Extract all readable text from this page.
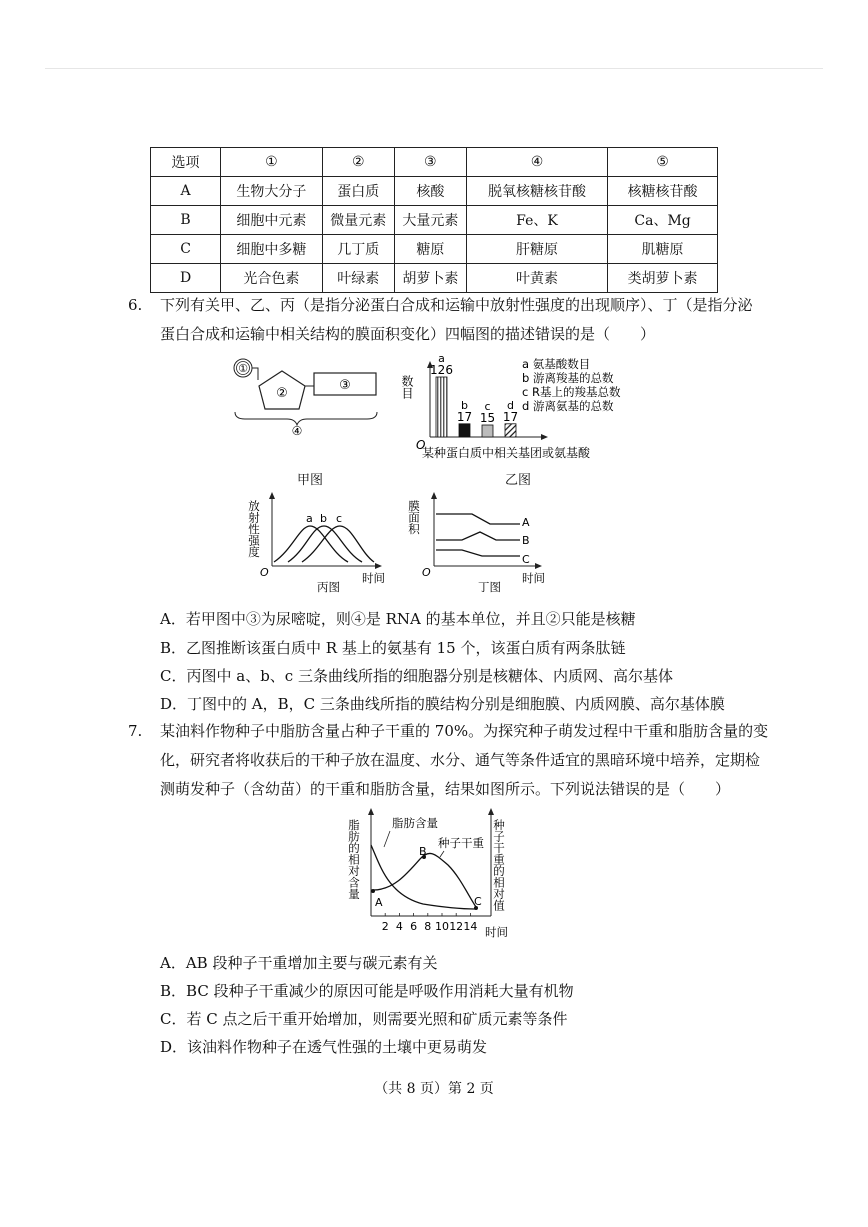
选项	①	②	③	④	⑤
A	生物大分子	蛋白质	核酸	脱氧核糖核苷酸	核糖核苷酸
B	细胞中元素	微量元素	大量元素	Fe、K	Ca、Mg
C	细胞中多糖	几丁质	糖原	肝糖原	肌糖原
D	光合色素	叶绿素	胡萝卜素	叶黄素	类胡萝卜素
6. 下列有关甲、乙、丙（是指分泌蛋白合成和运输中放射性强度的出现顺序）、丁（是指分泌
蛋白合成和运输中相关结构的膜面积变化）四幅图的描述错误的是（　　）
①
②
③
④
甲图
数目
O
126
a
17
b
15
c
17
d
a 氨基酸数目
b 游离羧基的总数
c R基上的羧基总数
d 游离氨基的总数
某种蛋白质中相关基团或氨基酸
乙图
放射性强度
O
a b c
时间
丙图
膜面积
O
A
B
C
时间
丁图
A．若甲图中③为尿嘧啶，则④是 RNA 的基本单位，并且②只能是核糖
B．乙图推断该蛋白质中 R 基上的氨基有 15 个，该蛋白质有两条肽链
C．丙图中 a、b、c 三条曲线所指的细胞器分别是核糖体、内质网、高尔基体
D．丁图中的 A，B，C 三条曲线所指的膜结构分别是细胞膜、内质网膜、高尔基体膜
7. 某油料作物种子中脂肪含量占种子干重的 70%。为探究种子萌发过程中干重和脂肪含量的变
化，研究者将收获后的干种子放在温度、水分、通气等条件适宜的黑暗环境中培养，定期检
测萌发种子（含幼苗）的干重和脂肪含量，结果如图所示。下列说法错误的是（　　）
脂肪的相对含量	种子干重的相对值
2 4 6 8 10 12 14
A
B
C
脂肪含量
种子干重
时间
A．AB 段种子干重增加主要与碳元素有关
B．BC 段种子干重减少的原因可能是呼吸作用消耗大量有机物
C．若 C 点之后干重开始增加，则需要光照和矿质元素等条件
D．该油料作物种子在透气性强的土壤中更易萌发
（共 8 页）第 2 页
